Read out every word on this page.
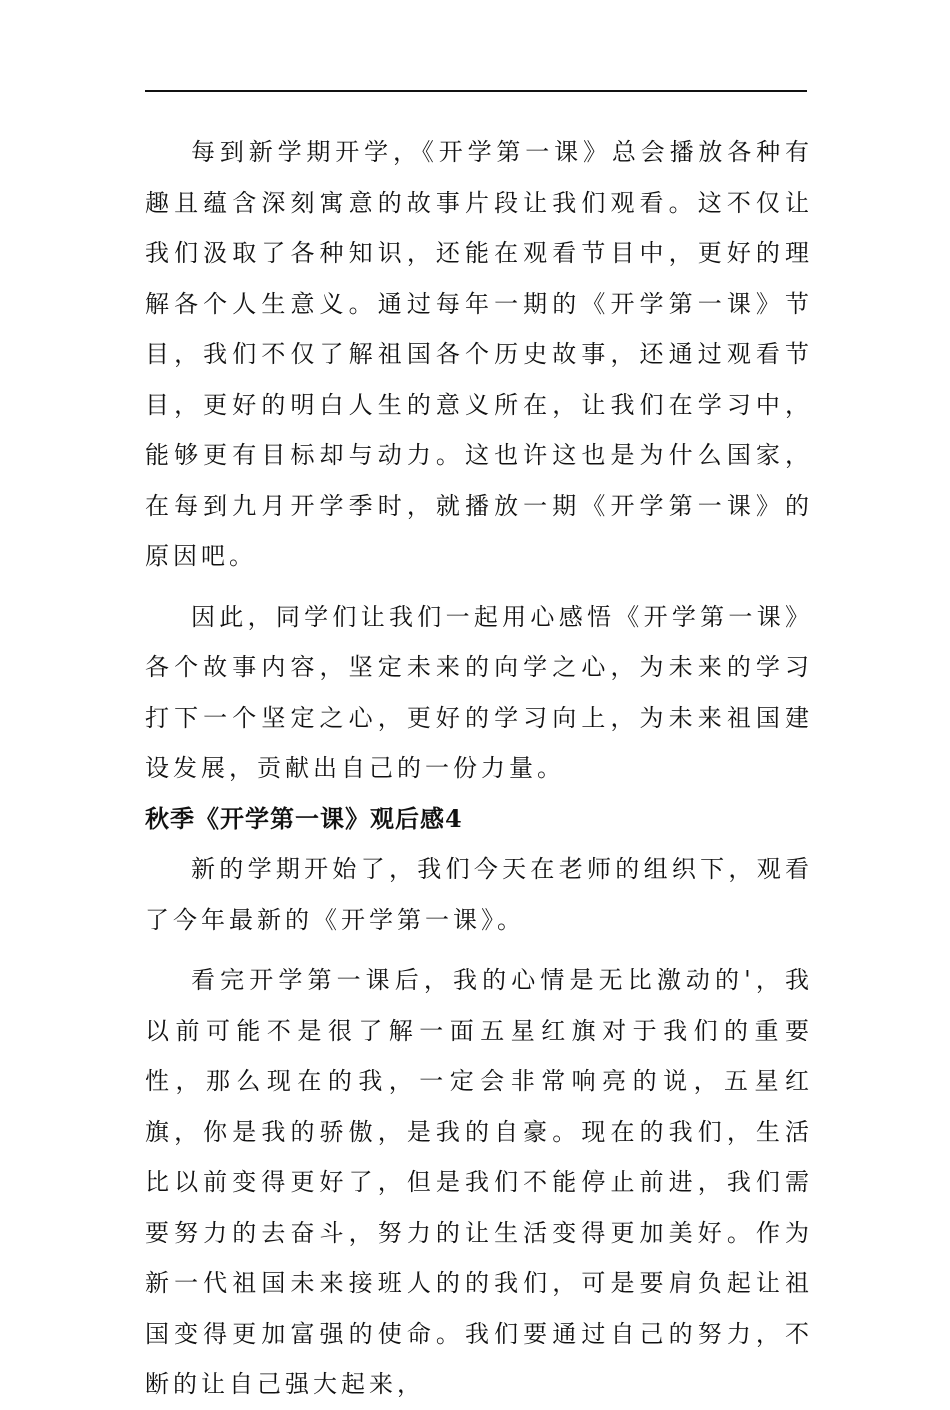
每到新学期开学，《开学第一课》总会播放各种有趣且蕴含深刻寓意的故事片段让我们观看。这不仅让我们汲取了各种知识，还能在观看节目中，更好的理解各个人生意义。通过每年一期的《开学第一课》节目，我们不仅了解祖国各个历史故事，还通过观看节目，更好的明白人生的意义所在，让我们在学习中，能够更有目标却与动力。这也许这也是为什么国家，在每到九月开学季时，就播放一期《开学第一课》的原因吧。

因此，同学们让我们一起用心感悟《开学第一课》各个故事内容，坚定未来的向学之心，为未来的学习打下一个坚定之心，更好的学习向上，为未来祖国建设发展，贡献出自己的一份力量。

秋季《开学第一课》观后感4

新的学期开始了，我们今天在老师的组织下，观看了今年最新的《开学第一课》。

看完开学第一课后，我的心情是无比激动的'，我以前可能不是很了解一面五星红旗对于我们的重要性，那么现在的我，一定会非常响亮的说，五星红旗，你是我的骄傲，是我的自豪。现在的我们，生活比以前变得更好了，但是我们不能停止前进，我们需要努力的去奋斗，努力的让生活变得更加美好。作为新一代祖国未来接班人的的我们，可是要肩负起让祖国变得更加富强的使命。我们要通过自己的努力，不断的让自己强大起来，
